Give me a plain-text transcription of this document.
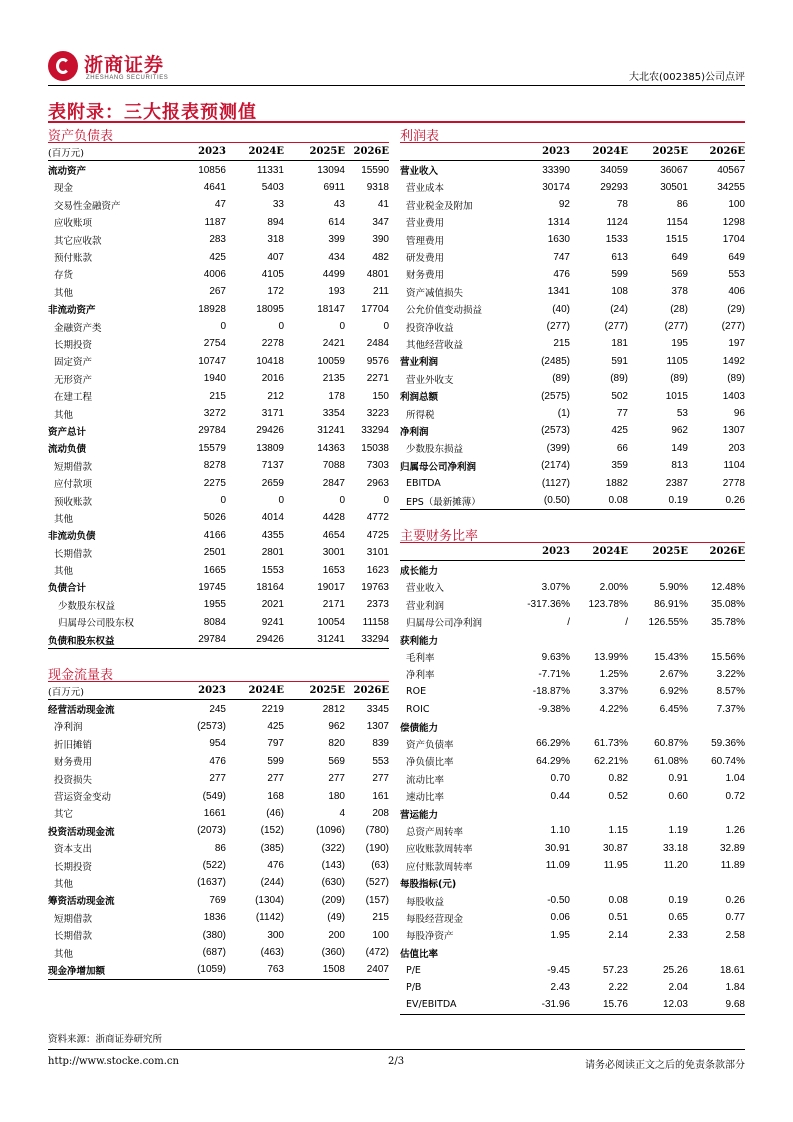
浙商证券
ZHESHANG SECURITIES	大北农(002385)公司点评
表附录：三大报表预测值
资产负债表
(百万元)	2023	2024E	2025E	2026E
流动资产	10856	11331	13094	15590
现金	4641	5403	6911	9318
交易性金融资产	47	33	43	41
应收账项	1187	894	614	347
其它应收款	283	318	399	390
预付账款	425	407	434	482
存货	4006	4105	4499	4801
其他	267	172	193	211
非流动资产	18928	18095	18147	17704
金融资产类	0	0	0	0
长期投资	2754	2278	2421	2484
固定资产	10747	10418	10059	9576
无形资产	1940	2016	2135	2271
在建工程	215	212	178	150
其他	3272	3171	3354	3223
资产总计	29784	29426	31241	33294
流动负债	15579	13809	14363	15038
短期借款	8278	7137	7088	7303
应付款项	2275	2659	2847	2963
预收账款	0	0	0	0
其他	5026	4014	4428	4772
非流动负债	4166	4355	4654	4725
长期借款	2501	2801	3001	3101
其他	1665	1553	1653	1623
负债合计	19745	18164	19017	19763
少数股东权益	1955	2021	2171	2373
归属母公司股东权	8084	9241	10054	11158
负债和股东权益	29784	29426	31241	33294
现金流量表
(百万元)	2023	2024E	2025E	2026E
经营活动现金流	245	2219	2812	3345
净利润	(2573)	425	962	1307
折旧摊销	954	797	820	839
财务费用	476	599	569	553
投资损失	277	277	277	277
营运资金变动	(549)	168	180	161
其它	1661	(46)	4	208
投资活动现金流	(2073)	(152)	(1096)	(780)
资本支出	86	(385)	(322)	(190)
长期投资	(522)	476	(143)	(63)
其他	(1637)	(244)	(630)	(527)
筹资活动现金流	769	(1304)	(209)	(157)
短期借款	1836	(1142)	(49)	215
长期借款	(380)	300	200	100
其他	(687)	(463)	(360)	(472)
现金净增加额	(1059)	763	1508	2407
利润表
	2023	2024E	2025E	2026E
营业收入	33390	34059	36067	40567
营业成本	30174	29293	30501	34255
营业税金及附加	92	78	86	100
营业费用	1314	1124	1154	1298
管理费用	1630	1533	1515	1704
研发费用	747	613	649	649
财务费用	476	599	569	553
资产减值损失	1341	108	378	406
公允价值变动损益	(40)	(24)	(28)	(29)
投资净收益	(277)	(277)	(277)	(277)
其他经营收益	215	181	195	197
营业利润	(2485)	591	1105	1492
营业外收支	(89)	(89)	(89)	(89)
利润总额	(2575)	502	1015	1403
所得税	(1)	77	53	96
净利润	(2573)	425	962	1307
少数股东损益	(399)	66	149	203
归属母公司净利润	(2174)	359	813	1104
EBITDA	(1127)	1882	2387	2778
EPS（最新摊薄）	(0.50)	0.08	0.19	0.26
主要财务比率
	2023	2024E	2025E	2026E
成长能力				
营业收入	3.07%	2.00%	5.90%	12.48%
营业利润	-317.36%	123.78%	86.91%	35.08%
归属母公司净利润	/	/	126.55%	35.78%
获利能力				
毛利率	9.63%	13.99%	15.43%	15.56%
净利率	-7.71%	1.25%	2.67%	3.22%
ROE	-18.87%	3.37%	6.92%	8.57%
ROIC	-9.38%	4.22%	6.45%	7.37%
偿债能力				
资产负债率	66.29%	61.73%	60.87%	59.36%
净负债比率	64.29%	62.21%	61.08%	60.74%
流动比率	0.70	0.82	0.91	1.04
速动比率	0.44	0.52	0.60	0.72
营运能力				
总资产周转率	1.10	1.15	1.19	1.26
应收账款周转率	30.91	30.87	33.18	32.89
应付账款周转率	11.09	11.95	11.20	11.89
每股指标(元)				
每股收益	-0.50	0.08	0.19	0.26
每股经营现金	0.06	0.51	0.65	0.77
每股净资产	1.95	2.14	2.33	2.58
估值比率				
P/E	-9.45	57.23	25.26	18.61
P/B	2.43	2.22	2.04	1.84
EV/EBITDA	-31.96	15.76	12.03	9.68
资料来源：浙商证券研究所
http://www.stocke.com.cn	2/3	请务必阅读正文之后的免责条款部分
